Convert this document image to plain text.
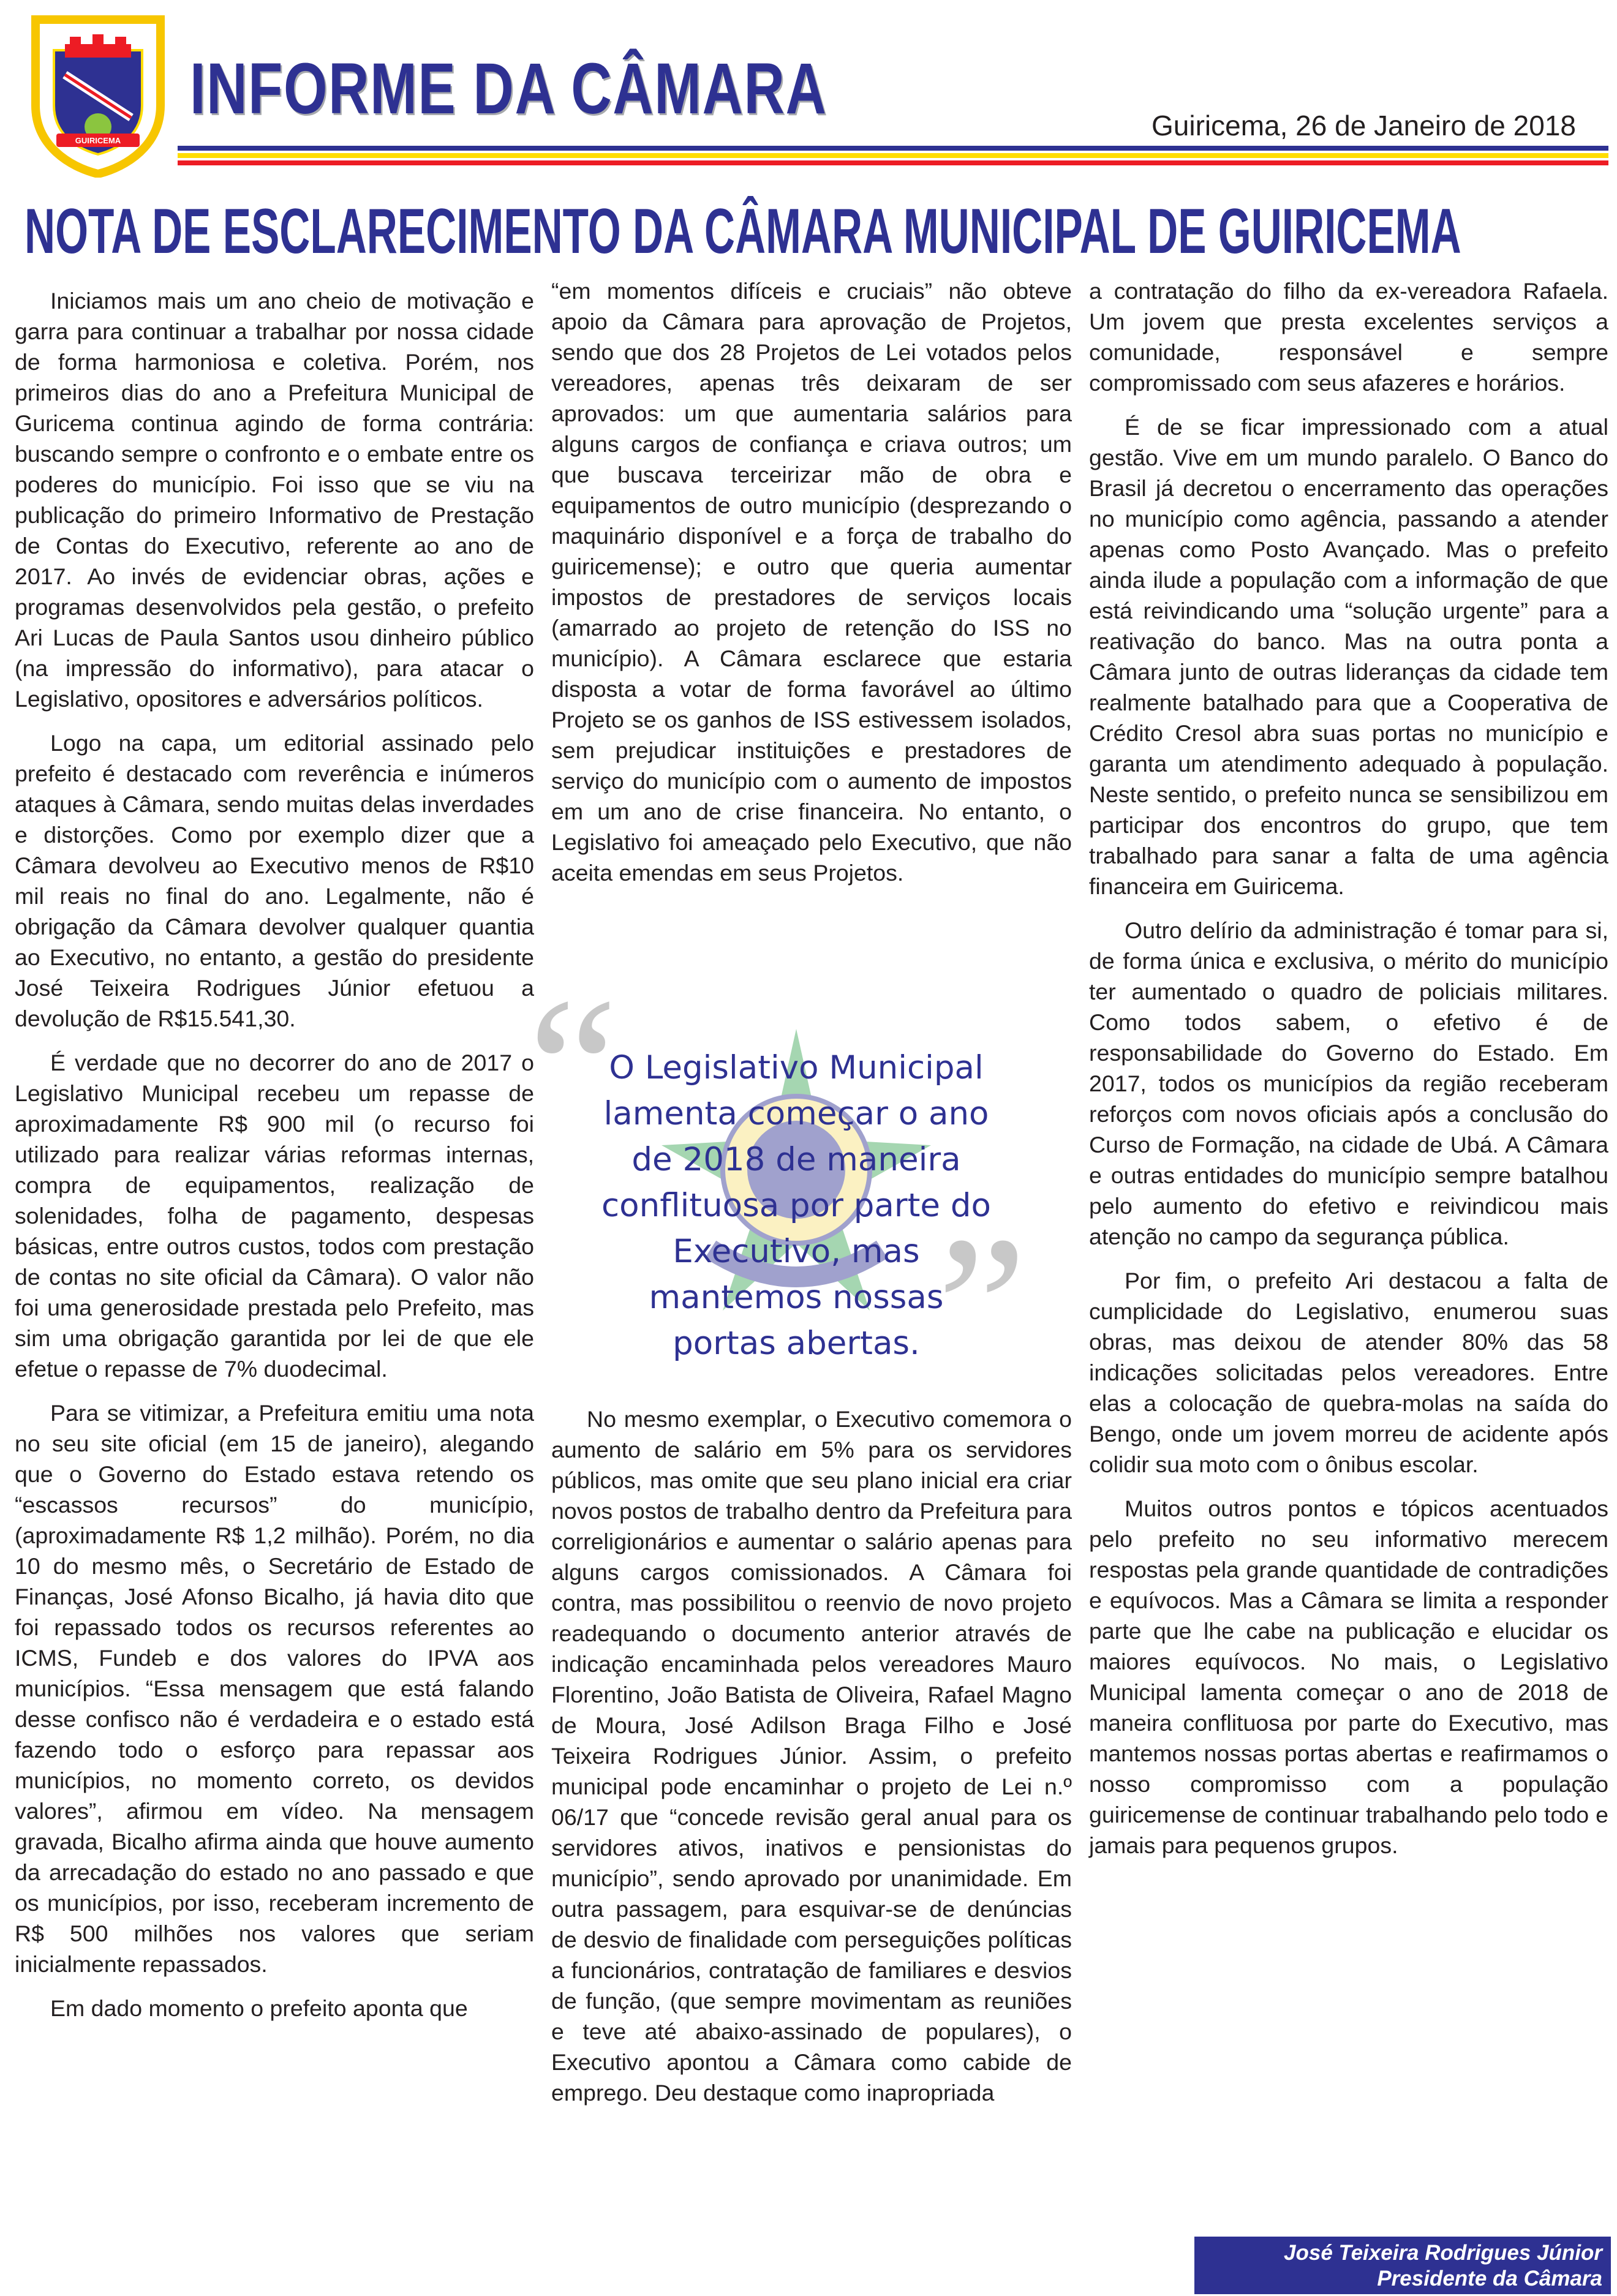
GUIRICEMA
INFORME DA CÂMARA	Guiricema, 26 de Janeiro de 2018
NOTA DE ESCLARECIMENTO DA CÂMARA MUNICIPAL DE GUIRICEMA

Iniciamos mais um ano cheio de motivação e garra para continuar a trabalhar por nossa cidade de forma harmoniosa e coletiva. Porém, nos primeiros dias do ano a Prefeitura Municipal de Guricema continua agindo de forma contrária: buscando sempre o confronto e o embate entre os poderes do município. Foi isso que se viu na publicação do primeiro Informativo de Prestação de Contas do Executivo, referente ao ano de 2017. Ao invés de evidenciar obras, ações e programas desenvolvidos pela gestão, o prefeito Ari Lucas de Paula Santos usou dinheiro público (na impressão do informativo), para atacar o Legislativo, opositores e adversários políticos.

Logo na capa, um editorial assinado pelo prefeito é destacado com reverência e inúmeros ataques à Câmara, sendo muitas delas inverdades e distorções. Como por exemplo dizer que a Câmara devolveu ao Executivo menos de R$10 mil reais no final do ano. Legalmente, não é obrigação da Câmara devolver qualquer quantia ao Executivo, no entanto, a gestão do presidente José Teixeira Rodrigues Júnior efetuou a devolução de R$15.541,30.

É verdade que no decorrer do ano de 2017 o Legislativo Municipal recebeu um repasse de aproximadamente R$ 900 mil (o recurso foi utilizado para realizar várias reformas internas, compra de equipamentos, realização de solenidades, folha de pagamento, despesas básicas, entre outros custos, todos com prestação de contas no site oficial da Câmara). O valor não foi uma generosidade prestada pelo Prefeito, mas sim uma obrigação garantida por lei de que ele efetue o repasse de 7% duodecimal.

Para se vitimizar, a Prefeitura emitiu uma nota no seu site oficial (em 15 de janeiro), alegando que o Governo do Estado estava retendo os “escassos recursos” do município, (aproximadamente R$ 1,2 milhão). Porém, no dia 10 do mesmo mês, o Secretário de Estado de Finanças, José Afonso Bicalho, já havia dito que foi repassado todos os recursos referentes ao ICMS, Fundeb e dos valores do IPVA aos municípios. “Essa mensagem que está falando desse confisco não é verdadeira e o estado está fazendo todo o esforço para repassar aos municípios, no momento correto, os devidos valores”, afirmou em vídeo. Na mensagem gravada, Bicalho afirma ainda que houve aumento da arrecadação do estado no ano passado e que os municípios, por isso, receberam incremento de R$ 500 milhões nos valores que seriam inicialmente repassados.

Em dado momento o prefeito aponta que

“em momentos difíceis e cruciais” não obteve apoio da Câmara para aprovação de Projetos, sendo que dos 28 Projetos de Lei votados pelos vereadores, apenas três deixaram de ser aprovados: um que aumentaria salários para alguns cargos de confiança e criava outros; um que buscava terceirizar mão de obra e equipamentos de outro município (desprezando o maquinário disponível e a força de trabalho do guiricemense); e outro que queria aumentar impostos de prestadores de serviços locais (amarrado ao projeto de retenção do ISS no município). A Câmara esclarece que estaria disposta a votar de forma favorável ao último Projeto se os ganhos de ISS estivessem isolados, sem prejudicar instituições e prestadores de serviço do município com o aumento de impostos em um ano de crise financeira. No entanto, o Legislativo foi ameaçado pelo Executivo, que não aceita emendas em seus Projetos.

“
”
O Legislativo Municipal lamenta começar o ano de 2018 de maneira conflituosa por parte do Executivo, mas mantemos nossas portas abertas.

No mesmo exemplar, o Executivo comemora o aumento de salário em 5% para os servidores públicos, mas omite que seu plano inicial era criar novos postos de trabalho dentro da Prefeitura para correligionários e aumentar o salário apenas para alguns cargos comissionados. A Câmara foi contra, mas possibilitou o reenvio de novo projeto readequando o documento anterior através de indicação encaminhada pelos vereadores Mauro Florentino, João Batista de Oliveira, Rafael Magno de Moura, José Adilson Braga Filho e José Teixeira Rodrigues Júnior. Assim, o prefeito municipal pode encaminhar o projeto de Lei n.º 06/17 que “concede revisão geral anual para os servidores ativos, inativos e pensionistas do município”, sendo aprovado por unanimidade. Em outra passagem, para esquivar-se de denúncias de desvio de finalidade com perseguições políticas a funcionários, contratação de familiares e desvios de função, (que sempre movimentam as reuniões e teve até abaixo-assinado de populares), o Executivo apontou a Câmara como cabide de emprego. Deu destaque como inapropriada

a contratação do filho da ex-vereadora Rafaela. Um jovem que presta excelentes serviços a comunidade, responsável e sempre compromissado com seus afazeres e horários.

É de se ficar impressionado com a atual gestão. Vive em um mundo paralelo. O Banco do Brasil já decretou o encerramento das operações no município como agência, passando a atender apenas como Posto Avançado. Mas o prefeito ainda ilude a população com a informação de que está reivindicando uma “solução urgente” para a reativação do banco. Mas na outra ponta a Câmara junto de outras lideranças da cidade tem realmente batalhado para que a Cooperativa de Crédito Cresol abra suas portas no município e garanta um atendimento adequado à população. Neste sentido, o prefeito nunca se sensibilizou em participar dos encontros do grupo, que tem trabalhado para sanar a falta de uma agência financeira em Guiricema.

Outro delírio da administração é tomar para si, de forma única e exclusiva, o mérito do município ter aumentado o quadro de policiais militares. Como todos sabem, o efetivo é de responsabilidade do Governo do Estado. Em 2017, todos os municípios da região receberam reforços com novos oficiais após a conclusão do Curso de Formação, na cidade de Ubá. A Câmara e outras entidades do município sempre batalhou pelo aumento do efetivo e reivindicou mais atenção no campo da segurança pública.

Por fim, o prefeito Ari destacou a falta de cumplicidade do Legislativo, enumerou suas obras, mas deixou de atender 80% das 58 indicações solicitadas pelos vereadores. Entre elas a colocação de quebra-molas na saída do Bengo, onde um jovem morreu de acidente após colidir sua moto com o ônibus escolar.

Muitos outros pontos e tópicos acentuados pelo prefeito no seu informativo merecem respostas pela grande quantidade de contradições e equívocos. Mas a Câmara se limita a responder parte que lhe cabe na publicação e elucidar os maiores equívocos. No mais, o Legislativo Municipal lamenta começar o ano de 2018 de maneira conflituosa por parte do Executivo, mas mantemos nossas portas abertas e reafirmamos o nosso compromisso com a população guiricemense de continuar trabalhando pelo todo e jamais para pequenos grupos.

José Teixeira Rodrigues Júnior
Presidente da Câmara
